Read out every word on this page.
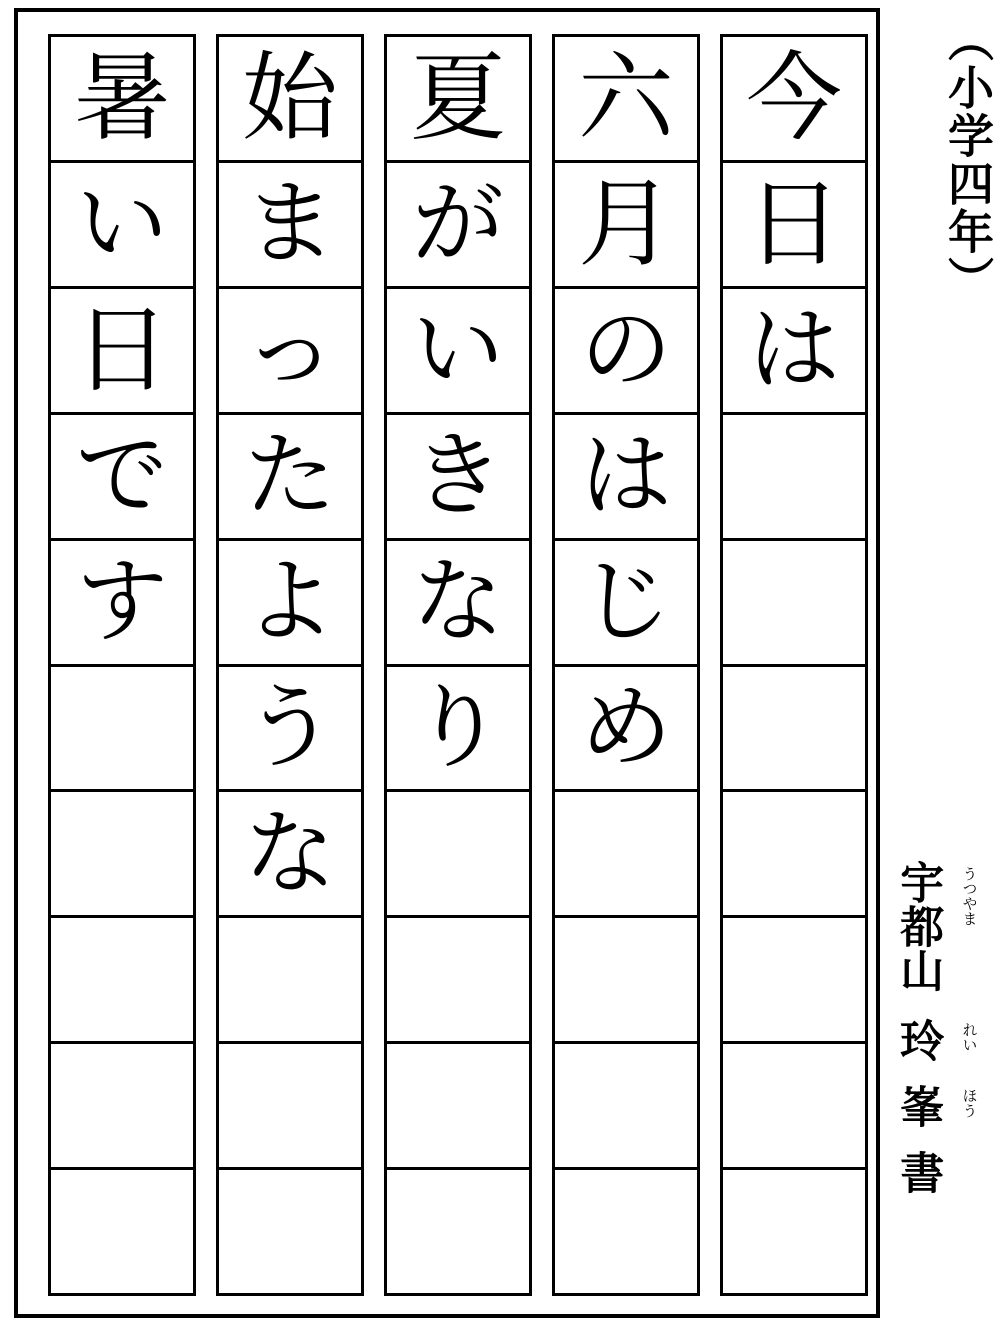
今
日
は
六
月
の
は
じ
め
夏
が
い
き
な
り
始
ま
っ
た
よ
う
な
暑
い
日
で
す
（小学四年）
宇都山 うつやま
玲 れい
峯 ほう
書
